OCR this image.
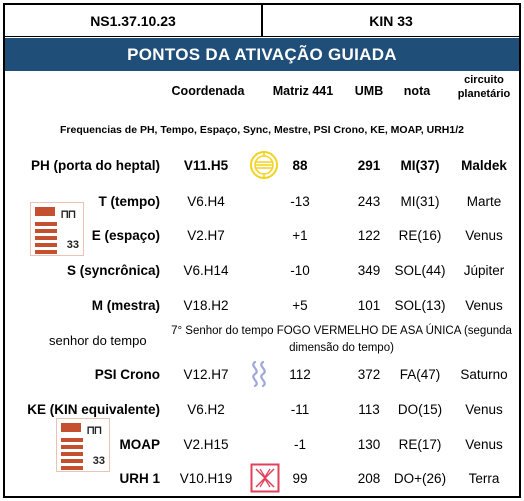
NS1.37.10.23	KIN 33
PONTOS DA ATIVAÇÃO GUIADA
Coordenada	Matriz 441	UMB	nota
circuito
planetário
Frequencias de PH, Tempo, Espaço, Sync, Mestre, PSI Crono, KE, MOAP, URH1/2
PH (porta do heptal)	V11.H5	88	291	MI(37)	Maldek
T (tempo)	V6.H4	-13	243	MI(31)	Marte
E (espaço)	V2.H7	+1	122	RE(16)	Venus
S (syncrônica)	V6.H14	-10	349	SOL(44)	Júpiter
M (mestra)	V18.H2	+5	101	SOL(13)	Venus
senhor do tempo
7° Senhor do tempo FOGO VERMELHO DE ASA ÚNICA (segunda dimensão do tempo)
PSI Crono	V12.H7	112	372	FA(47)	Saturno
KE (KIN equivalente)	V6.H2	-11	113	DO(15)	Venus
MOAP	V2.H15	-1	130	RE(17)	Venus
URH 1	V10.H19	99	208	DO+(26)	Terra
⊓⊓
33
⊓⊓
33
